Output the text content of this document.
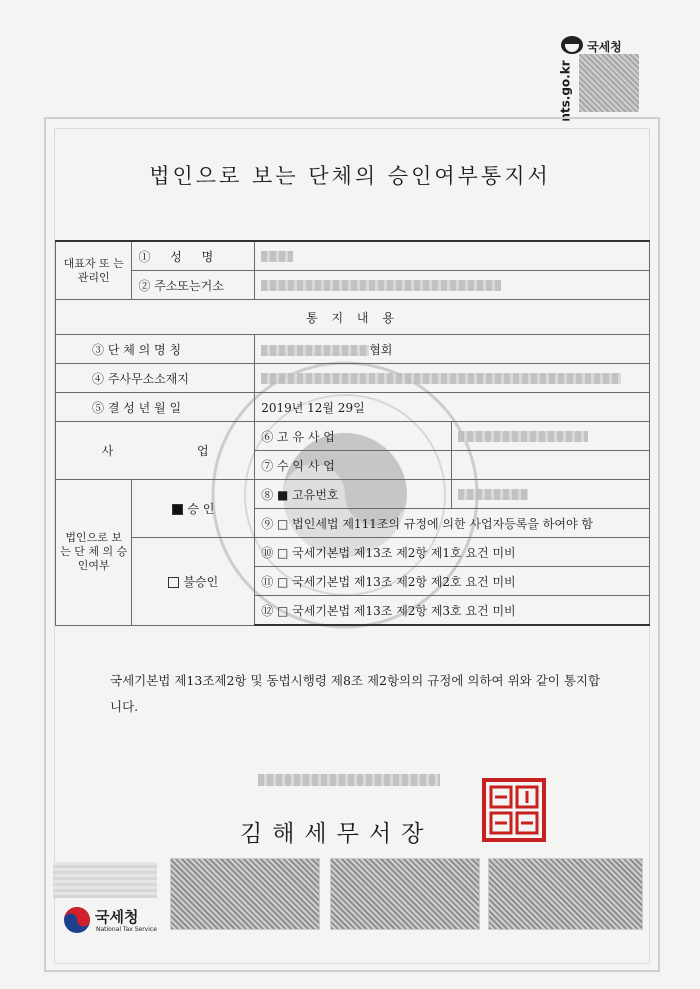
국세청
nts.go.kr
법인으로 보는 단체의 승인여부통지서
대표자 또 는 관리인	① 성 명		
	② 주소또는거소		
통 지 내 용			
③ 단 체 의 명 칭		협회	
④ 주사무소소재지			
⑤ 결 성 년 월 일		2019년 12월 29일	
사 업		⑥ 고 유 사 업	
		⑦ 수 익 사 업	
법인으로 보 는 단 체 의 승인여부	승 인	⑧ ■ 고유번호	
		⑨ □ 법인세법 제111조의 규정에 의한 사업자등록을 하여야 함	
	불승인	⑩ □ 국세기본법 제13조 제2항 제1호 요건 미비	
		⑪ □ 국세기본법 제13조 제2항 제2호 요건 미비	
		⑫ □ 국세기본법 제13조 제2항 제3호 요건 미비	
국세기본법 제13조제2항 및 동법시행령 제8조 제2항의의 규정에 의하여 위와 같이 통지합니다.
김해세무서장
국세청
National Tax Service
